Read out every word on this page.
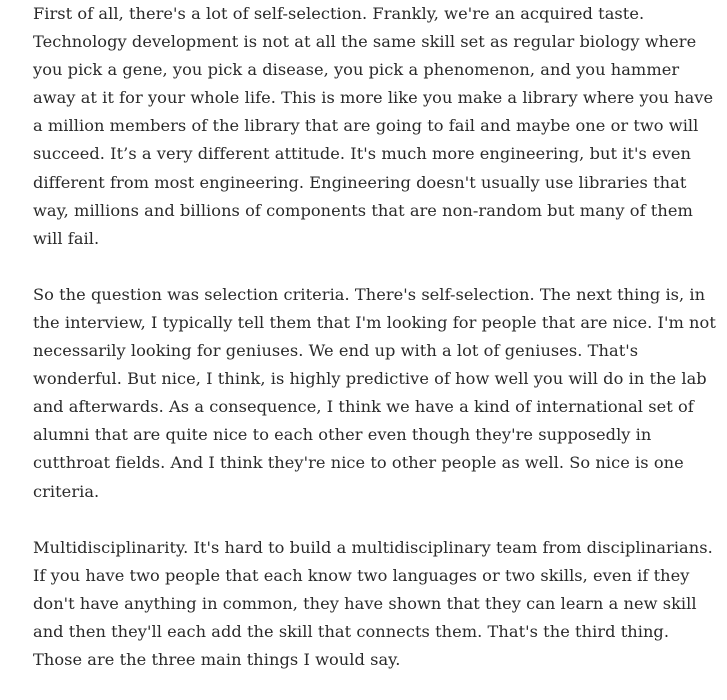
First of all, there's a lot of self-selection. Frankly, we're an acquired taste. Technology development is not at all the same skill set as regular biology where you pick a gene, you pick a disease, you pick a phenomenon, and you hammer away at it for your whole life. This is more like you make a library where you have a million members of the library that are going to fail and maybe one or two will succeed. It’s a very different attitude. It's much more engineering, but it's even different from most engineering. Engineering doesn't usually use libraries that way, millions and billions of components that are non-random but many of them will fail.

So the question was selection criteria. There's self-selection. The next thing is, in the interview, I typically tell them that I'm looking for people that are nice. I'm not necessarily looking for geniuses. We end up with a lot of geniuses. That's wonderful. But nice, I think, is highly predictive of how well you will do in the lab and afterwards. As a consequence, I think we have a kind of international set of alumni that are quite nice to each other even though they're supposedly in cutthroat fields. And I think they're nice to other people as well. So nice is one criteria.

Multidisciplinarity. It's hard to build a multidisciplinary team from disciplinarians. If you have two people that each know two languages or two skills, even if they don't have anything in common, they have shown that they can learn a new skill and then they'll each add the skill that connects them. That's the third thing. Those are the three main things I would say.
